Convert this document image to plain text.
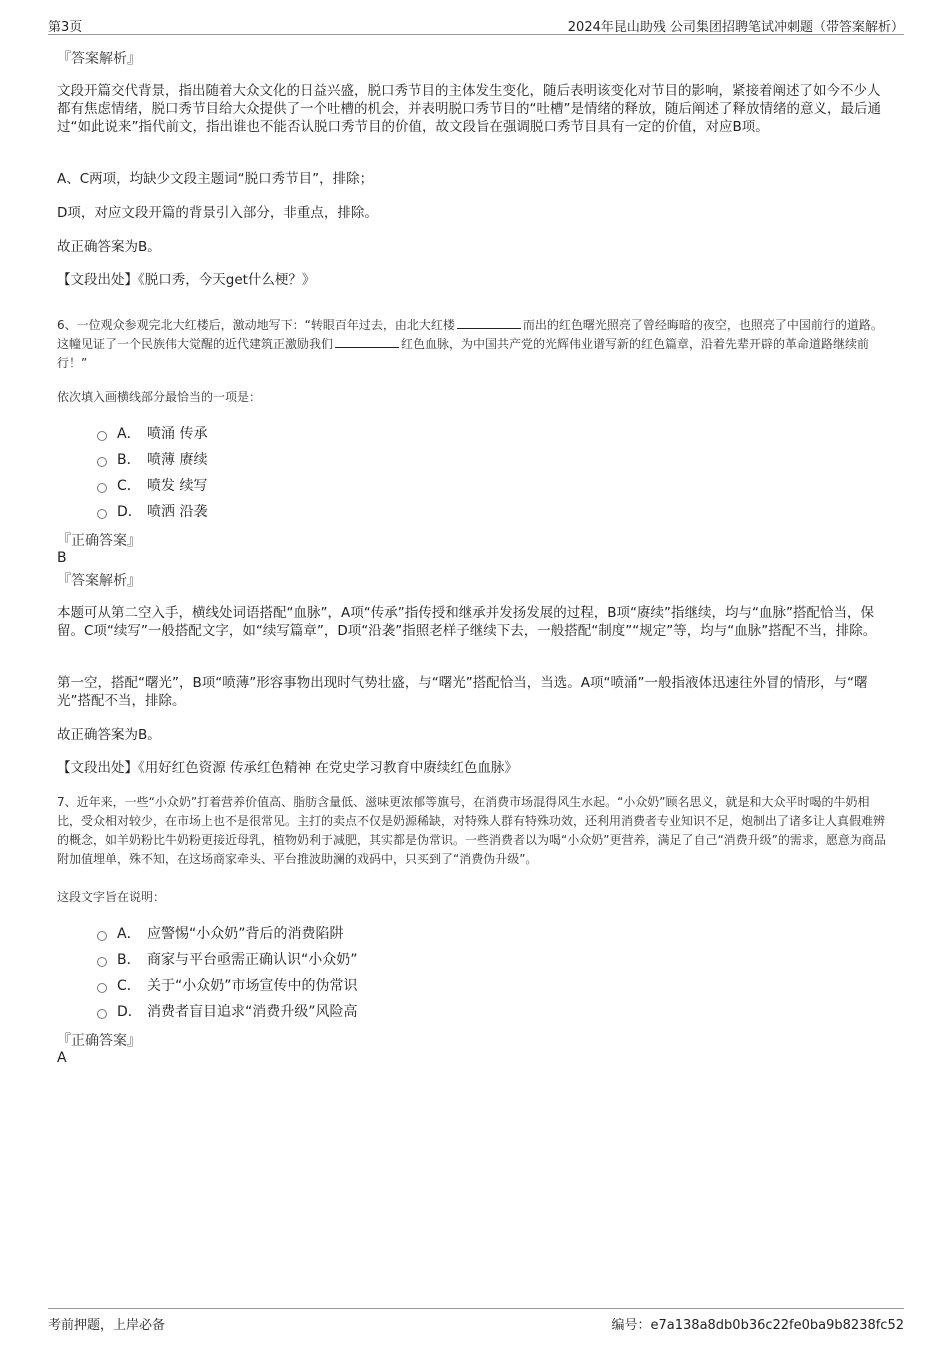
第3页	2024年昆山助残 公司集团招聘笔试冲刺题（带答案解析）
『答案解析』

文段开篇交代背景，指出随着大众文化的日益兴盛，脱口秀节目的主体发生变化，随后表明该变化对节目的影响，紧接着阐述了如今不少人都有焦虑情绪，脱口秀节目给大众提供了一个吐槽的机会，并表明脱口秀节目的“吐槽”是情绪的释放，随后阐述了释放情绪的意义，最后通过“如此说来”指代前文，指出谁也不能否认脱口秀节目的价值，故文段旨在强调脱口秀节目具有一定的价值，对应B项。

A、C两项，均缺少文段主题词“脱口秀节目”，排除；

D项，对应文段开篇的背景引入部分，非重点，排除。

故正确答案为B。

【文段出处】《脱口秀，今天get什么梗？》

6、一位观众参观完北大红楼后，激动地写下：“转眼百年过去，由北大红楼	而出的红色曙光照亮了曾经晦暗的夜空，也照亮了中国前行的道路。这幢见证了一个民族伟大觉醒的近代建筑正激励我们	红色血脉，为中国共产党的光辉伟业谱写新的红色篇章，沿着先辈开辟的革命道路继续前行！”

依次填入画横线部分最恰当的一项是：

A． 喷涌 传承
B． 喷薄 赓续
C． 喷发 续写
D． 喷洒 沿袭
『正确答案』
B
『答案解析』

本题可从第二空入手，横线处词语搭配“血脉”，A项“传承”指传授和继承并发扬发展的过程，B项“赓续”指继续，均与“血脉”搭配恰当，保留。C项“续写”一般搭配文字，如“续写篇章”，D项“沿袭”指照老样子继续下去，一般搭配“制度”“规定”等，均与“血脉”搭配不当，排除。

第一空，搭配“曙光”，B项“喷薄”形容事物出现时气势壮盛，与“曙光”搭配恰当，当选。A项“喷涌”一般指液体迅速往外冒的情形，与“曙光”搭配不当，排除。

故正确答案为B。

【文段出处】《用好红色资源 传承红色精神 在党史学习教育中赓续红色血脉》

7、近年来，一些“小众奶”打着营养价值高、脂肪含量低、滋味更浓郁等旗号，在消费市场混得风生水起。“小众奶”顾名思义，就是和大众平时喝的牛奶相比，受众相对较少，在市场上也不是很常见。主打的卖点不仅是奶源稀缺，对特殊人群有特殊功效，还利用消费者专业知识不足，炮制出了诸多让人真假难辨的概念，如羊奶粉比牛奶粉更接近母乳，植物奶利于减肥，其实都是伪常识。一些消费者以为喝“小众奶”更营养，满足了自己“消费升级”的需求，愿意为商品附加值埋单，殊不知，在这场商家牵头、平台推波助澜的戏码中，只买到了“消费伪升级”。

这段文字旨在说明：

A． 应警惕“小众奶”背后的消费陷阱
B． 商家与平台亟需正确认识“小众奶”
C． 关于“小众奶”市场宣传中的伪常识
D． 消费者盲目追求“消费升级”风险高
『正确答案』
A
考前押题，上岸必备	编号：e7a138a8db0b36c22fe0ba9b8238fc52
